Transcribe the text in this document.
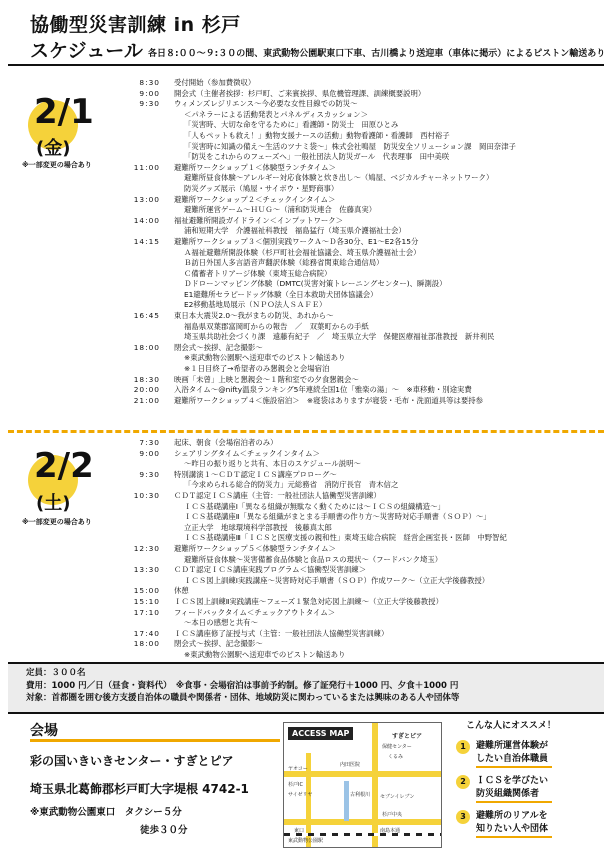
協働型災害訓練 in 杉戸
スケジュール 各日８:００〜９:３０の間、東武動物公園駅東口下車、古川橋より送迎車（車体に掲示）によるピストン輸送あり
2/1
(金)
※一部変更の場合あり
8:30	受付開始（参加費徴収）
9:00	開会式（主催者挨拶：杉戸町、ご来賓挨拶、県危機管理課、訓練概要説明）
9:30	ウィメンズレジリエンス〜今必要な女性目線での防災〜
＜パネラーによる活動発表とパネルディスカッション＞
「災害時、大切な命を守るために」看護師・防災士　田原ひとみ
「人もペットも救え！」動物支援ナースの活動」動物看護師・看護師　西村裕子
「災害時に知識の備え〜生活のツナミ袋〜」株式会社鳴屋　防災安全ソリューション課　岡田奈津子
「防災をこれからのフェーズへ」一般社団法人防災ガール　代表理事　田中美咲
11:00	避難所ワークショップ１＜体験型ランチタイム＞
避難所昼食体験〜アレルギー対応食体験と炊き出し〜（鳩屋、ベジカルチャーネットワーク）
防災グッズ展示（鳩屋・サイボウ・星野商事）
13:00	避難所ワークショップ２＜チェックインタイム＞
避難所運営ゲーム〜ＨＵＧ〜（浦和防災連合　佐藤真実）
14:00	福祉避難所開設ガイドライン＜インプットワーク＞
浦和短期大学　介護福祉科教授　福島猛行（埼玉県介護福祉士会）
14:15	避難所ワークショップ３＜個別実践ワークＡ〜Ｄ各30分、E1〜E2各15分
Ａ福祉避難所開設体験（杉戸町社会福祉協議会、埼玉県介護福祉士会）
Ｂ訪日外国人多言語音声翻訳体験（総務省関東総合通信局）
Ｃ備蓄者トリアージ体験（東埼玉総合病院）
Ｄドローンマッピング体験（DMTC(災害対策トレーニングセンター)、瞬測設）
E1避難所セラピードッグ体験（全日本救助犬団体協議会）
E2移動基地局展示（ＮＰＯ法人ＳＡＦＥ）
16:45	東日本大震災2.0〜我がまちの防災、あれから〜
福島県双葉郡富岡町からの報告　／　双葉町からの手紙
埼玉県共助社会づくり課　遠藤有紀子　／　埼玉県立大学　保健医療福祉部准教授　新井利民
18:00	閉会式〜挨拶、記念撮影〜
※東武動物公園駅へ送迎車でのピストン輸送あり
※１日目終了→希望者のみ懇親会と会場宿泊
18:30	映画「未曾」上映と懇親会〜１階和室での夕食懇親会〜
20:00	入浴タイム〜@nifty温泉ランキング5年連続全国1位「雅楽の湯」〜　※車移動・別途実費
21:00	避難所ワークショップ４＜施設宿泊＞　※寝袋はありますが寝袋・毛布・洗面道具等は要持参
2/2
(土)
※一部変更の場合あり
7:30	起床、朝食（会場宿泊者のみ）
9:00	シェアリングタイム＜チェックインタイム＞
〜昨日の振り返りと共有、本日のスケジュール説明〜
9:30	特別講演１〜ＣＤＴ認定ＩＣＳ講座プロローグ〜
「今求められる総合的防災力」元総務省　消防庁長官　青木信之
10:30	ＣＤＴ認定ＩＣＳ講座（主管：一般社団法人協働型災害訓練）
ＩＣＳ基礎講座Ⅰ「異なる組織が無駄なく動くためには〜ＩＣＳの組織構造〜」
ＩＣＳ基礎講座Ⅱ「異なる組織がまとまる手順書の作り方〜災害時対応手順書（ＳＯＰ）〜」
立正大学　地球環境科学部教授　後藤真太郎
ＩＣＳ基礎講座Ⅲ「ＩＣＳと医療支援の親和性」東埼玉総合病院　経営企画室長・医師　中野智紀
12:30	避難所ワークショップ５＜体験型ランチタイム＞
避難所昼食体験〜災害備蓄食品体験と食品ロスの現状〜（フードバンク埼玉）
13:30	ＣＤＴ認定ＩＣＳ講座実践プログラム＜協働型災害訓練＞
ＩＣＳ図上訓練Ⅰ実践講座〜災害時対応手順書（ＳＯＰ）作成ワーク〜（立正大学後藤教授）
15:00	休憩
15:10	ＩＣＳ図上訓練Ⅱ実践講座〜フェーズ１緊急対応図上訓練〜（立正大学後藤教授）
17:10	フィードバックタイム＜チェックアウトタイム＞
〜本日の感想と共有〜
17:40	ＩＣＳ講座修了証授与式（主管：一般社団法人協働型災害訓練）
18:00	閉会式〜挨拶、記念撮影〜
※東武動物公園駅へ送迎車でのピストン輸送あり
定員：３００名
費用：1000 円／日（昼食・資料代）　※食事・会場宿泊は事前予約制。修了証発行＋1000 円、夕食＋1000 円
対象：首都圏を囲む後方支援自治体の職員や関係者・団体、地域防災に関わっているまたは興味のある人や団体等
会場
彩の国いきいきセンター・すぎとピア
埼玉県北葛飾郡杉戸町大字堤根 4742-1
※東武動物公園東口　タクシー５分
徒歩３０分
ACCESS MAP	すぎとピア
保健センター
くるみ
ヤオコー
内田医院
杉戸IC
サイゼリヤ	セブンイレブン
杉戸中央
東武動物公園駅
東口
古利根川
南島本通
こんな人にオススメ！
1	避難所運営体験が
したい自治体職員
2	ＩＣＳを学びたい
防災組織関係者
3	避難所のリアルを
知りたい人や団体
